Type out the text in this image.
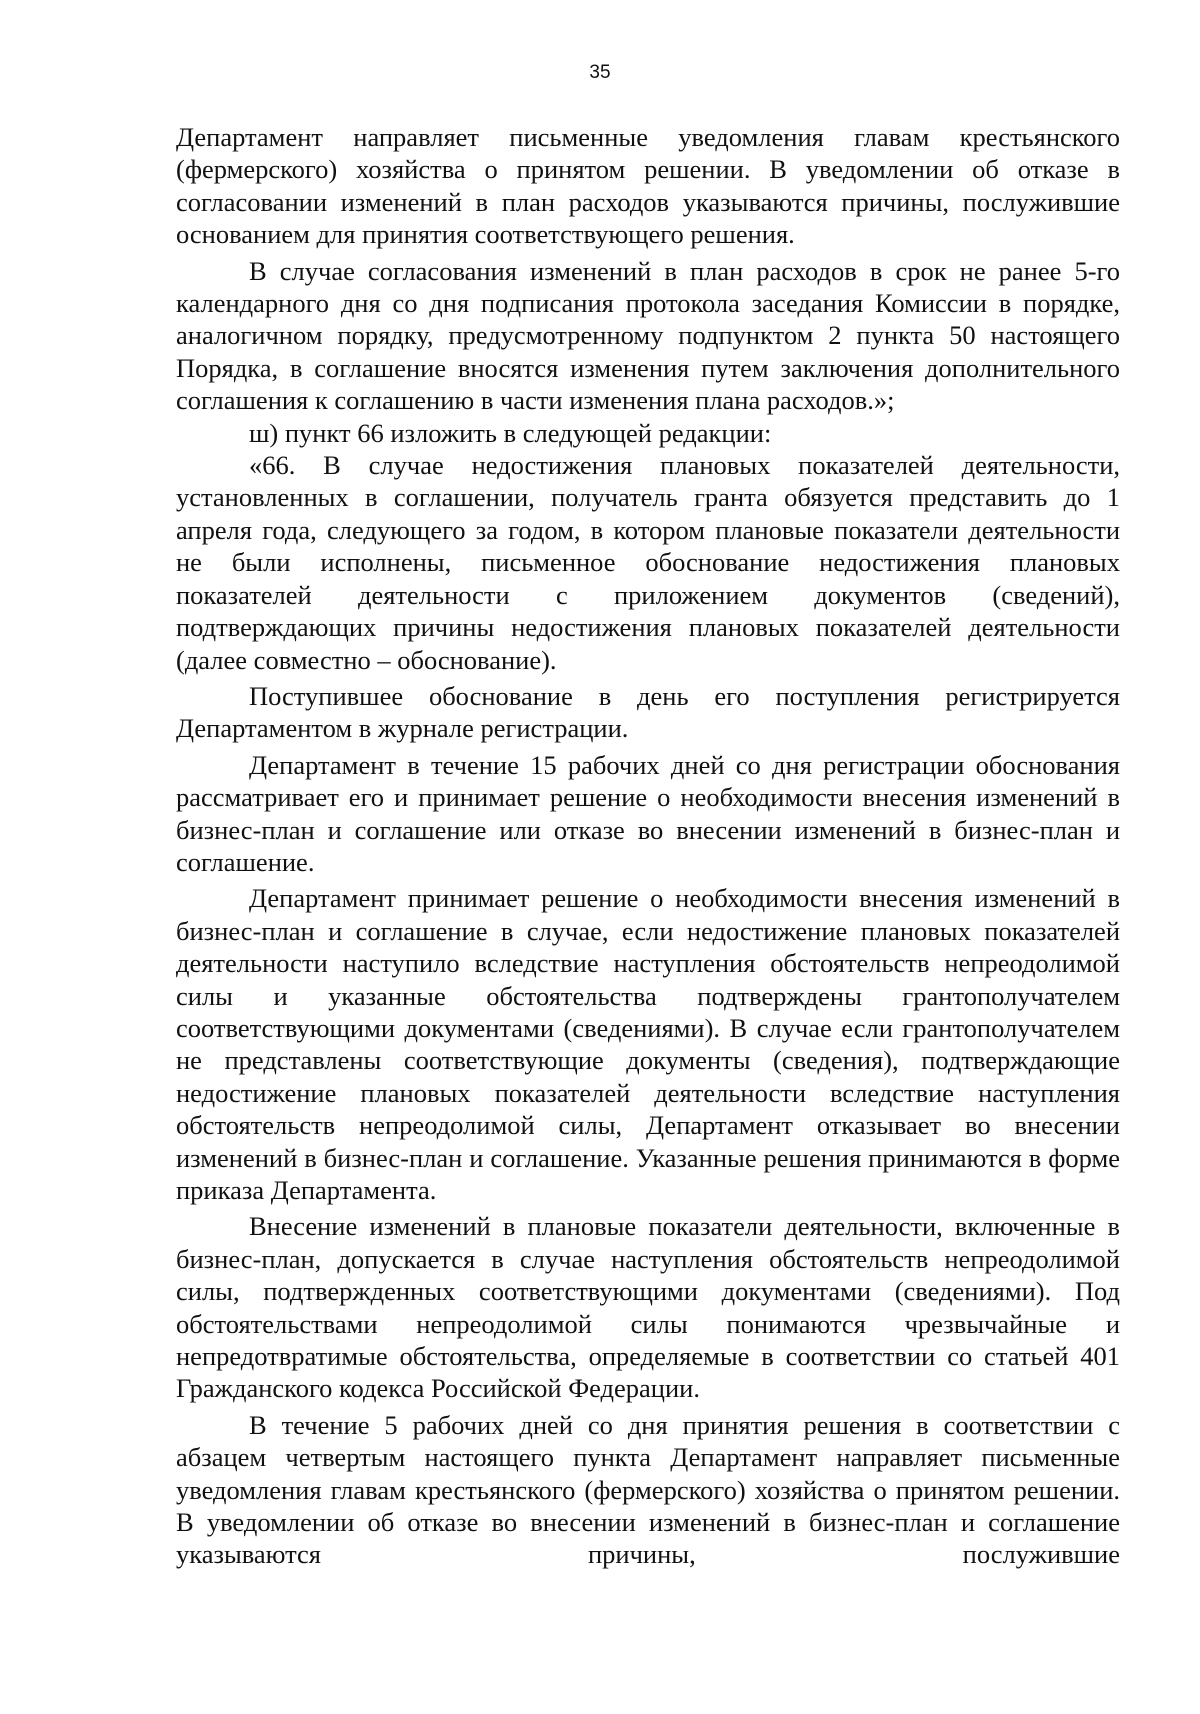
35

Департамент направляет письменные уведомления главам крестьянского (фермерского) хозяйства о принятом решении. В уведомлении об отказе в согласовании изменений в план расходов указываются причины, послужившие основанием для принятия соответствующего решения.

В случае согласования изменений в план расходов в срок не ранее 5-го календарного дня со дня подписания протокола заседания Комиссии в порядке, аналогичном порядку, предусмотренному подпунктом 2 пункта 50 настоящего Порядка, в соглашение вносятся изменения путем заключения дополнительного соглашения к соглашению в части изменения плана расходов.»;

ш) пункт 66 изложить в следующей редакции:

«66. В случае недостижения плановых показателей деятельности, установленных в соглашении, получатель гранта обязуется представить до 1 апреля года, следующего за годом, в котором плановые показатели деятельности не были исполнены, письменное обоснование недостижения плановых показателей деятельности с приложением документов (сведений), подтверждающих причины недостижения плановых показателей деятельности (далее совместно – обоснование).

Поступившее обоснование в день его поступления регистрируется Департаментом в журнале регистрации.

Департамент в течение 15 рабочих дней со дня регистрации обоснования рассматривает его и принимает решение о необходимости внесения изменений в бизнес-план и соглашение или отказе во внесении изменений в бизнес-план и соглашение.

Департамент принимает решение о необходимости внесения изменений в бизнес-план и соглашение в случае, если недостижение плановых показателей деятельности наступило вследствие наступления обстоятельств непреодолимой силы и указанные обстоятельства подтверждены грантополучателем соответствующими документами (сведениями). В случае если грантополучателем не представлены соответствующие документы (сведения), подтверждающие недостижение плановых показателей деятельности вследствие наступления обстоятельств непреодолимой силы, Департамент отказывает во внесении изменений в бизнес-план и соглашение. Указанные решения принимаются в форме приказа Департамента.

Внесение изменений в плановые показатели деятельности, включенные в бизнес-план, допускается в случае наступления обстоятельств непреодолимой силы, подтвержденных соответствующими документами (сведениями). Под обстоятельствами непреодолимой силы понимаются чрезвычайные и непредотвратимые обстоятельства, определяемые в соответствии со статьей 401 Гражданского кодекса Российской Федерации.

В течение 5 рабочих дней со дня принятия решения в соответствии с абзацем четвертым настоящего пункта Департамент направляет письменные уведомления главам крестьянского (фермерского) хозяйства о принятом решении. В уведомлении об отказе во внесении изменений в бизнес-план и соглашение указываются причины, послужившие
